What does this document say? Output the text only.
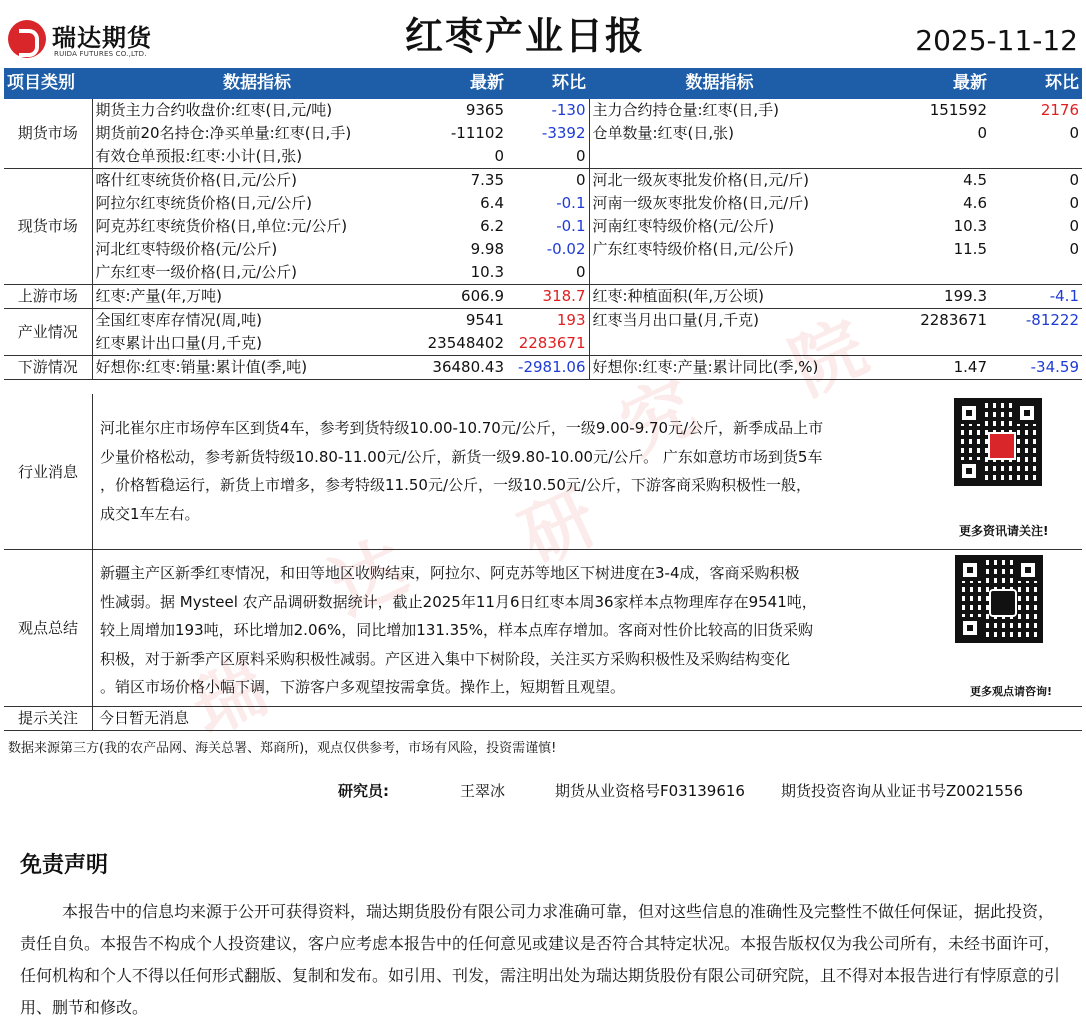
瑞
达 研
究
院
瑞达期货
RUIDA FUTURES CO.,LTD.	红枣产业日报	2025-11-12
项目类别	数据指标	最新	环比	数据指标	最新	环比
期货市场	期货主力合约收盘价:红枣(日,元/吨)	9365	-130	主力合约持仓量:红枣(日,手)	151592	2176
	期货前20名持仓:净买单量:红枣(日,手)	-11102	-3392	仓单数量:红枣(日,张)	0	0
	有效仓单预报:红枣:小计(日,张)	0	0			
现货市场	喀什红枣统货价格(日,元/公斤)	7.35	0	河北一级灰枣批发价格(日,元/斤)	4.5	0
	阿拉尔红枣统货价格(日,元/公斤)	6.4	-0.1	河南一级灰枣批发价格(日,元/斤)	4.6	0
	阿克苏红枣统货价格(日,单位:元/公斤)	6.2	-0.1	河南红枣特级价格(元/公斤)	10.3	0
	河北红枣特级价格(元/公斤)	9.98	-0.02	广东红枣特级价格(日,元/公斤)	11.5	0
	广东红枣一级价格(日,元/公斤)	10.3	0			
上游市场	红枣:产量(年,万吨)	606.9	318.7	红枣:种植面积(年,万公顷)	199.3	-4.1
产业情况	全国红枣库存情况(周,吨)	9541	193	红枣当月出口量(月,千克)	2283671	-81222
	红枣累计出口量(月,千克)	23548402	2283671			
下游情况	好想你:红枣:销量:累计值(季,吨)	36480.43	-2981.06	好想你:红枣:产量:累计同比(季,%)	1.47	-34.59
行业消息
河北崔尔庄市场停车区到货4车，参考到货特级10.00-10.70元/公斤，一级9.00-9.70元/公斤，新季成品上市
少量价格松动，参考新货特级10.80-11.00元/公斤，新货一级9.80-10.00元/公斤。 广东如意坊市场到货5车
，价格暂稳运行，新货上市增多，参考特级11.50元/公斤，一级10.50元/公斤，下游客商采购积极性一般，
成交1车左右。
更多资讯请关注!
观点总结
新疆主产区新季红枣情况，和田等地区收购结束，阿拉尔、阿克苏等地区下树进度在3-4成，客商采购积极
性减弱。据 Mysteel 农产品调研数据统计，截止2025年11月6日红枣本周36家样本点物理库存在9541吨，
较上周增加193吨，环比增加2.06%，同比增加131.35%，样本点库存增加。客商对性价比较高的旧货采购
积极，对于新季产区原料采购积极性减弱。产区进入集中下树阶段，关注买方采购积极性及采购结构变化
。销区市场价格小幅下调，下游客户多观望按需拿货。操作上，短期暂且观望。	更多观点请咨询!
提示关注	今日暂无消息
数据来源第三方(我的农产品网、海关总署、郑商所)，观点仅供参考，市场有风险，投资需谨慎!
研究员:	王翠冰	期货从业资格号F03139616 期货投资咨询从业证书号Z0021556
免责声明
本报告中的信息均来源于公开可获得资料，瑞达期货股份有限公司力求准确可靠，但对这些信息的准确性及完整性不做任何保证，据此投资，责任自负。本报告不构成个人投资建议，客户应考虑本报告中的任何意见或建议是否符合其特定状况。本报告版权仅为我公司所有，未经书面许可，任何机构和个人不得以任何形式翻版、复制和发布。如引用、刊发，需注明出处为瑞达期货股份有限公司研究院，且不得对本报告进行有悖原意的引用、删节和修改。
